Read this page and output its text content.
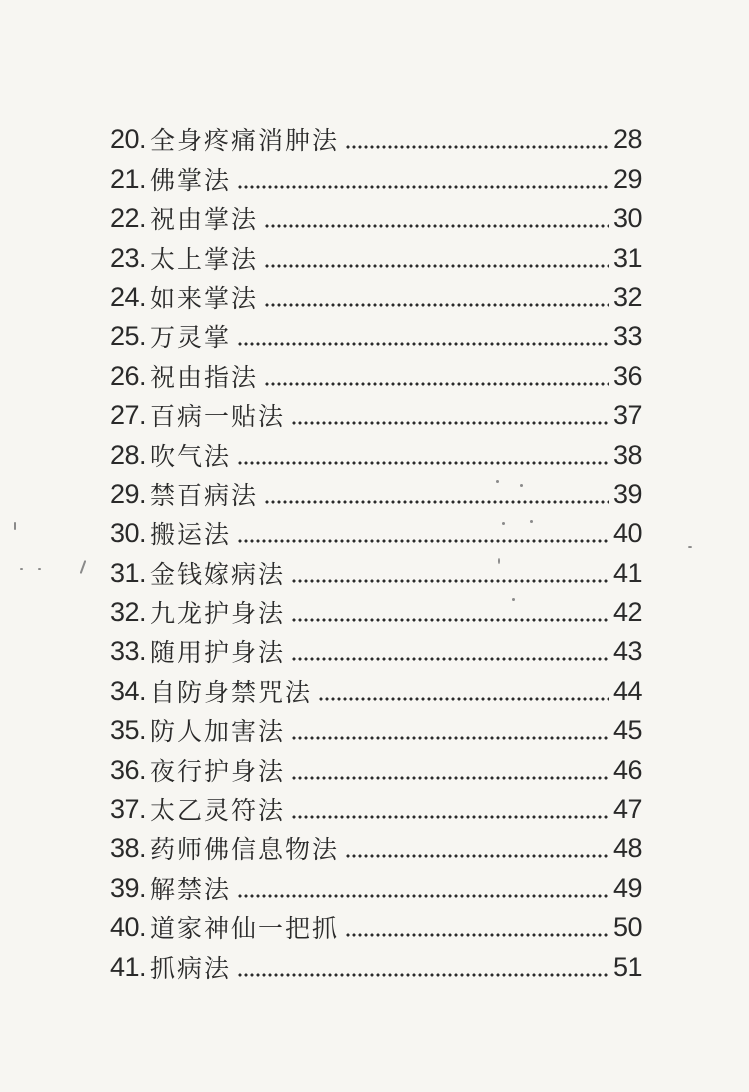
20. 全身疼痛消肿法	28
21. 佛掌法	29
22. 祝由掌法	30
23. 太上掌法	31
24. 如来掌法	32
25. 万灵掌	33
26. 祝由指法	36
27. 百病一贴法	37
28. 吹气法	38
29. 禁百病法	39
30. 搬运法	40
31. 金钱嫁病法	41
32. 九龙护身法	42
33. 随用护身法	43
34. 自防身禁咒法	44
35. 防人加害法	45
36. 夜行护身法	46
37. 太乙灵符法	47
38. 药师佛信息物法	48
39. 解禁法	49
40. 道家神仙一把抓	50
41. 抓病法	51
